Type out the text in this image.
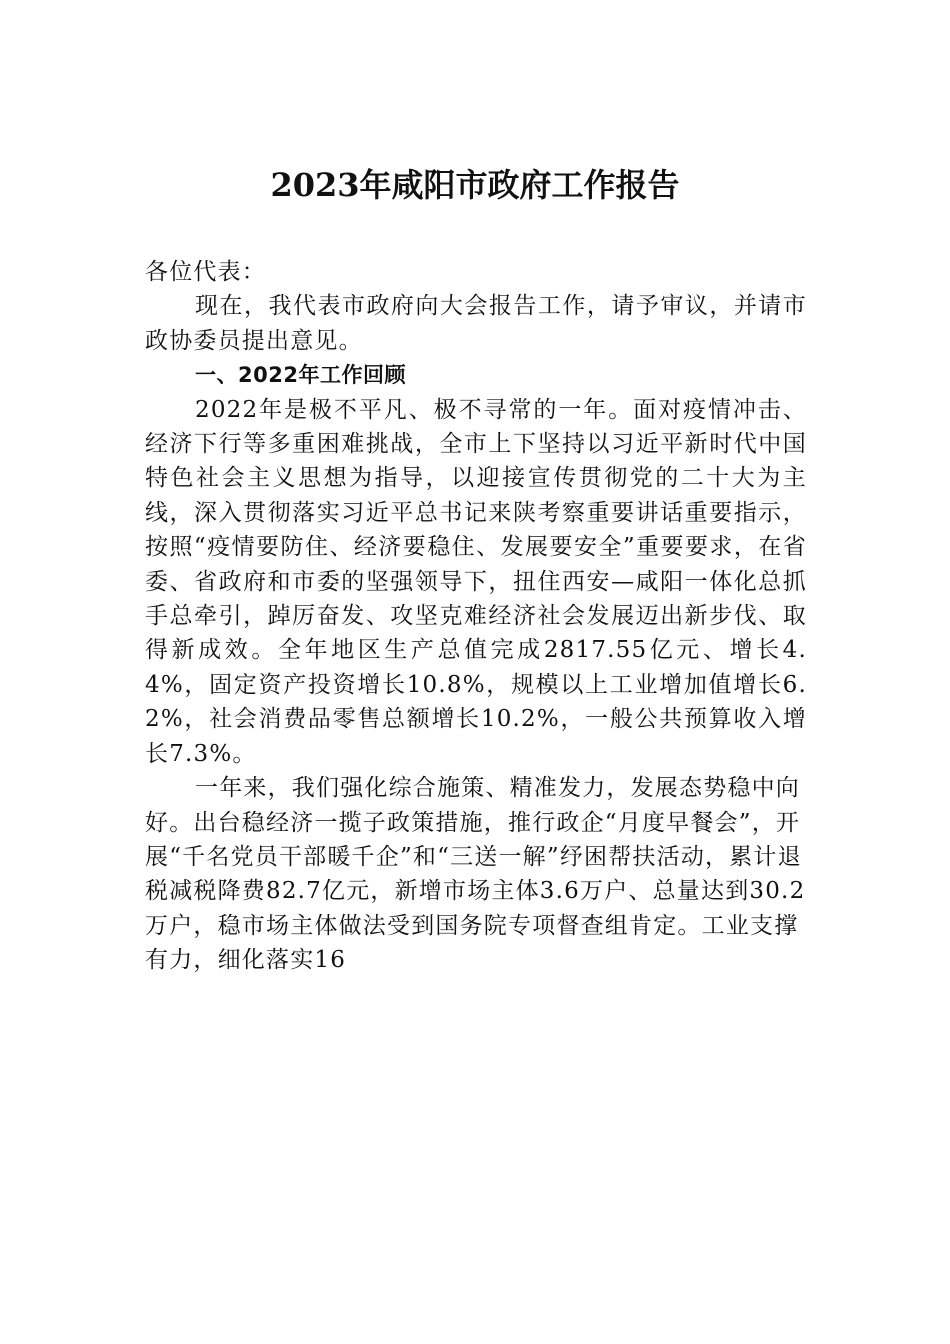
2023年咸阳市政府工作报告

各位代表：

现在，我代表市政府向大会报告工作，请予审议，并请市政协委员提出意见。

一、2022年工作回顾

2022年是极不平凡、极不寻常的一年。面对疫情冲击、经济下行等多重困难挑战，全市上下坚持以习近平新时代中国特色社会主义思想为指导，以迎接宣传贯彻党的二十大为主线，深入贯彻落实习近平总书记来陕考察重要讲话重要指示，按照“疫情要防住、经济要稳住、发展要安全”重要要求，在省委、省政府和市委的坚强领导下，扭住西安—咸阳一体化总抓手总牵引，踔厉奋发、攻坚克难经济社会发展迈出新步伐、取得新成效。全年地区生产总值完成2817.55亿元、增长4.4%，固定资产投资增长10.8%，规模以上工业增加值增长6.2%，社会消费品零售总额增长10.2%，一般公共预算收入增长7.3%。

一年来，我们强化综合施策、精准发力，发展态势稳中向好。出台稳经济一揽子政策措施，推行政企“月度早餐会”，开展“千名党员干部暖千企”和“三送一解”纾困帮扶活动，累计退税减税降费82.7亿元，新增市场主体3.6万户、总量达到30.2万户，稳市场主体做法受到国务院专项督查组肯定。工业支撑有力，细化落实16
